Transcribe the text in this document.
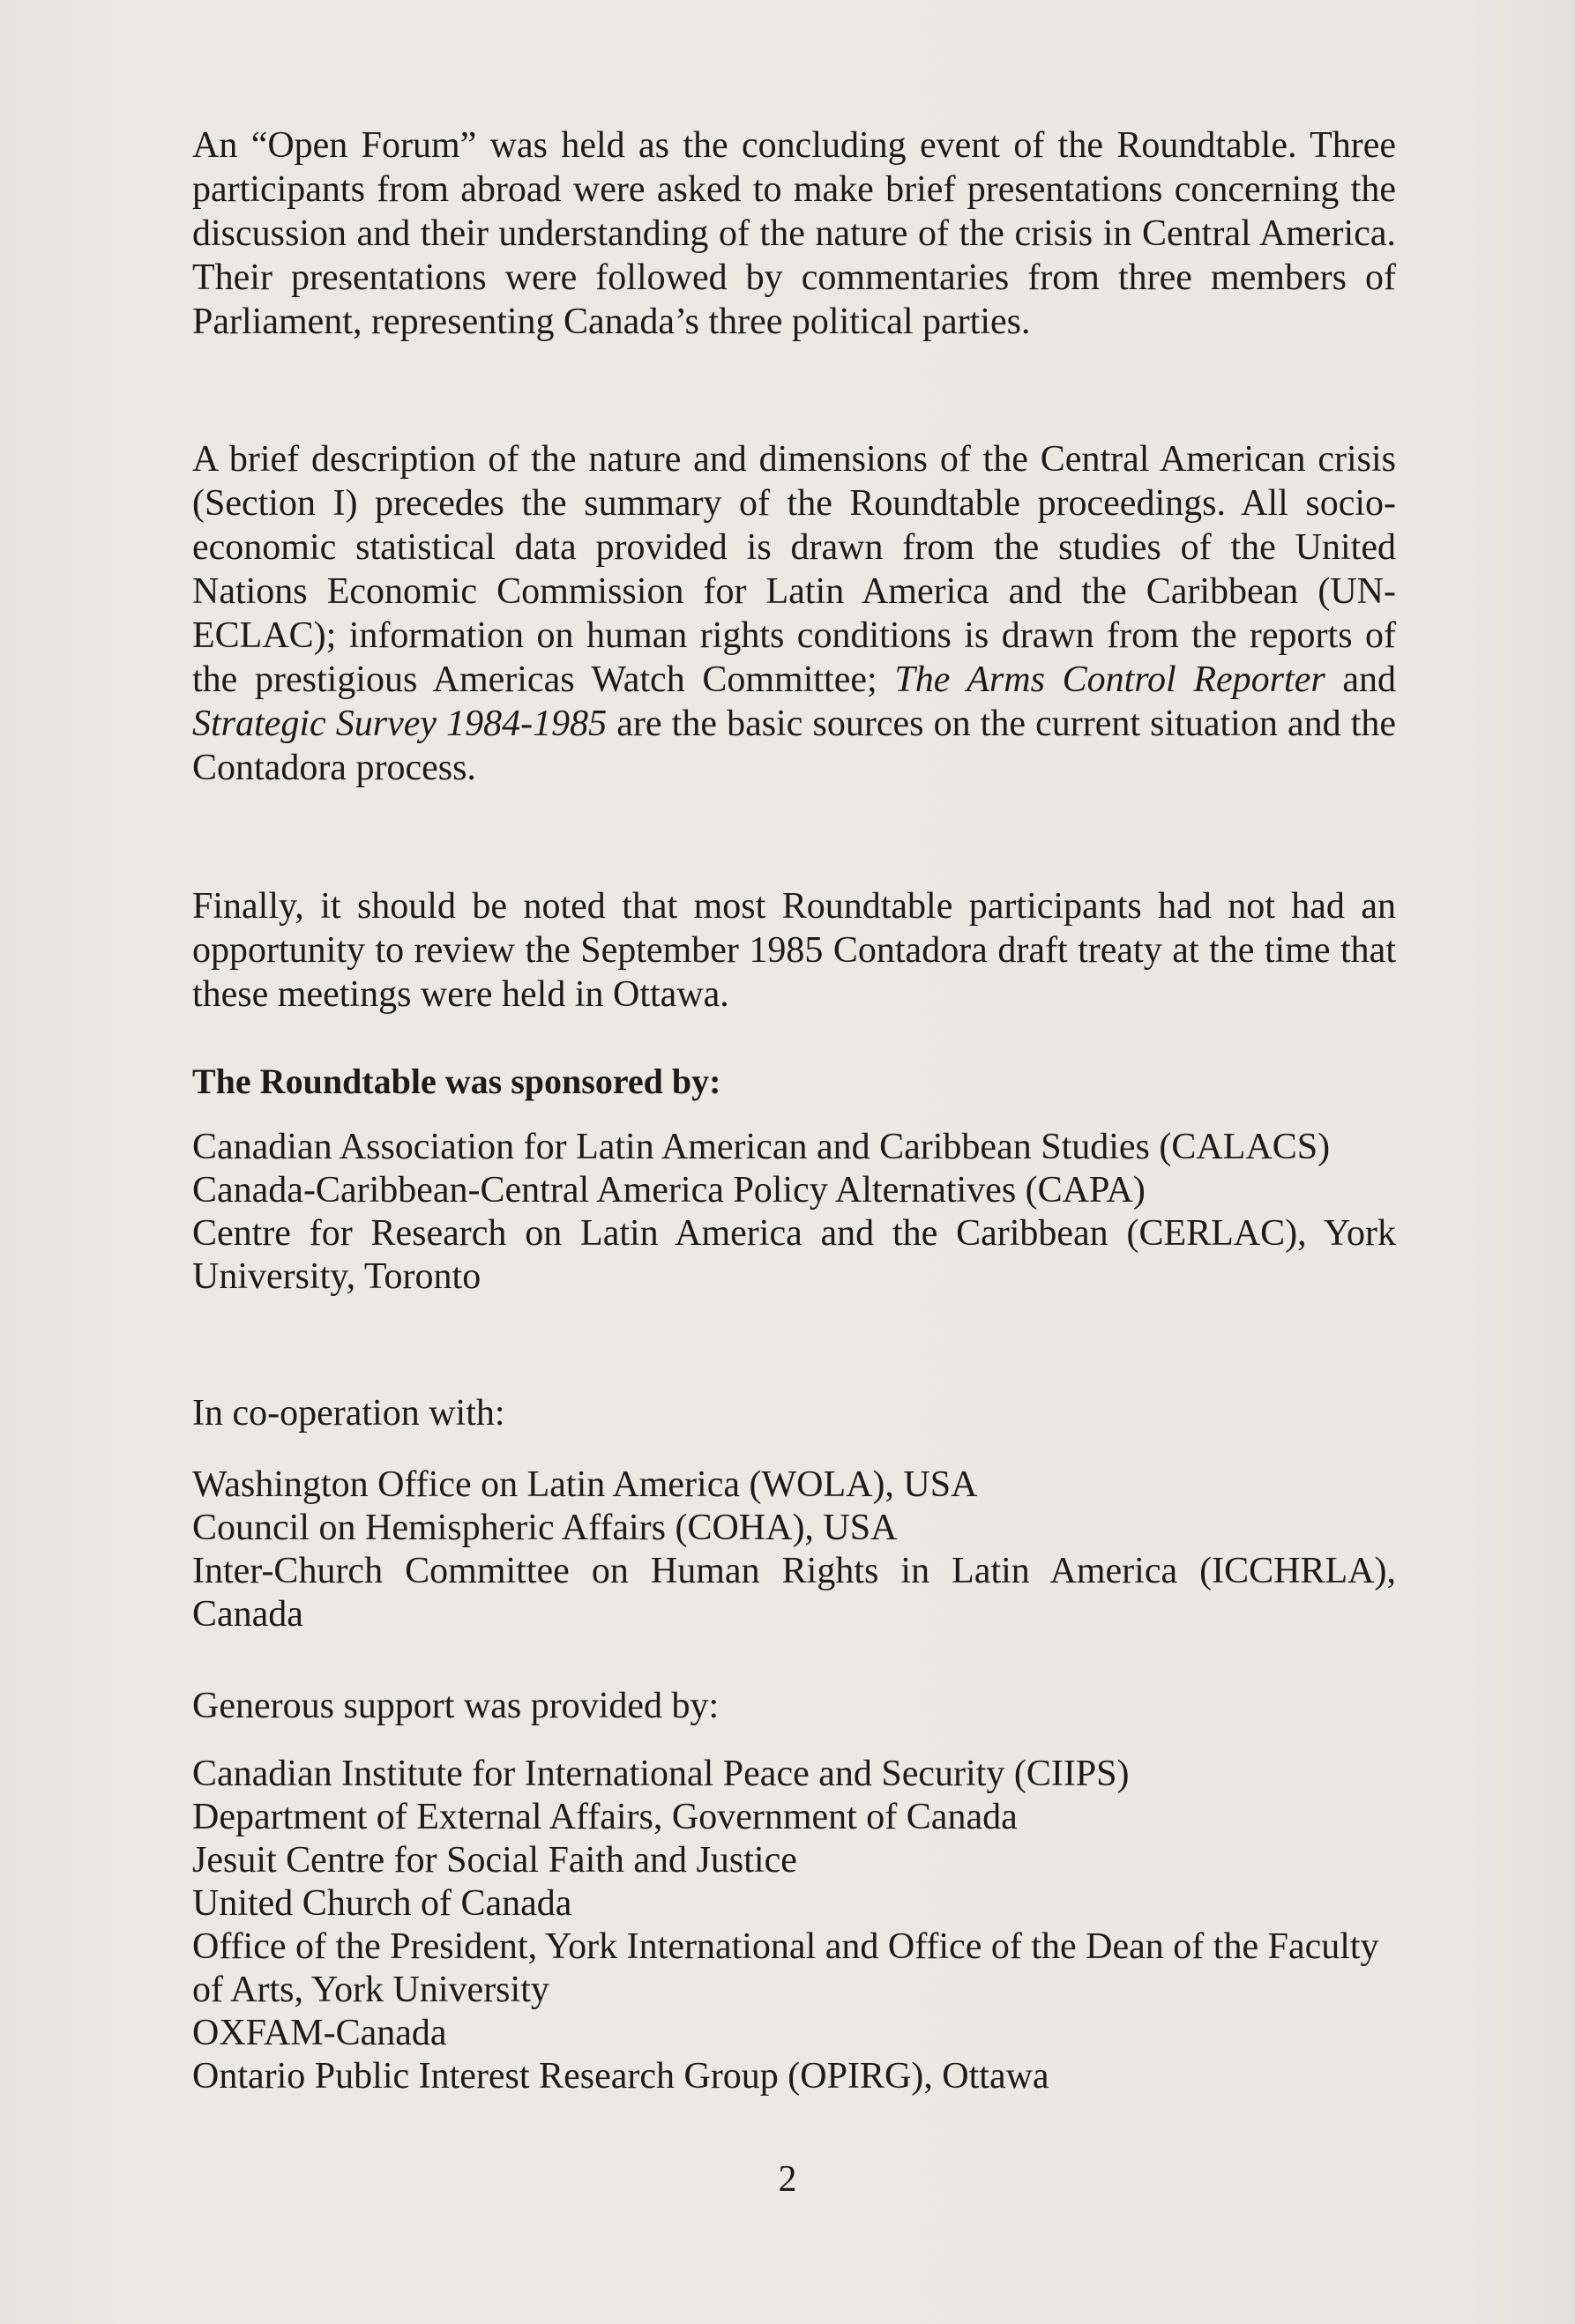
An “Open Forum” was held as the concluding event of the Roundtable. Three participants from abroad were asked to make brief presentations concerning the discussion and their understanding of the nature of the crisis in Central America. Their presentations were followed by commentaries from three members of Parliament, representing Canada’s three political parties.

A brief description of the nature and dimensions of the Central American crisis (Section I) precedes the summary of the Roundtable proceedings. All socio-economic statistical data provided is drawn from the studies of the United Nations Economic Commission for Latin America and the Caribbean (UN-ECLAC); information on human rights conditions is drawn from the reports of the prestigious Americas Watch Committee; The Arms Control Reporter and Strategic Survey 1984-1985 are the basic sources on the current situation and the Contadora process.

Finally, it should be noted that most Roundtable participants had not had an opportunity to review the September 1985 Contadora draft treaty at the time that these meetings were held in Ottawa.

The Roundtable was sponsored by:

Canadian Association for Latin American and Caribbean Studies (CALACS)
Canada-Caribbean-Central America Policy Alternatives (CAPA)
Centre for Research on Latin America and the Caribbean (CERLAC), York University, Toronto

In co-operation with:

Washington Office on Latin America (WOLA), USA
Council on Hemispheric Affairs (COHA), USA
Inter-Church Committee on Human Rights in Latin America (ICCHRLA), Canada

Generous support was provided by:

Canadian Institute for International Peace and Security (CIIPS)
Department of External Affairs, Government of Canada
Jesuit Centre for Social Faith and Justice
United Church of Canada
Office of the President, York International and Office of the Dean of the Faculty of Arts, York University
OXFAM-Canada
Ontario Public Interest Research Group (OPIRG), Ottawa
2
